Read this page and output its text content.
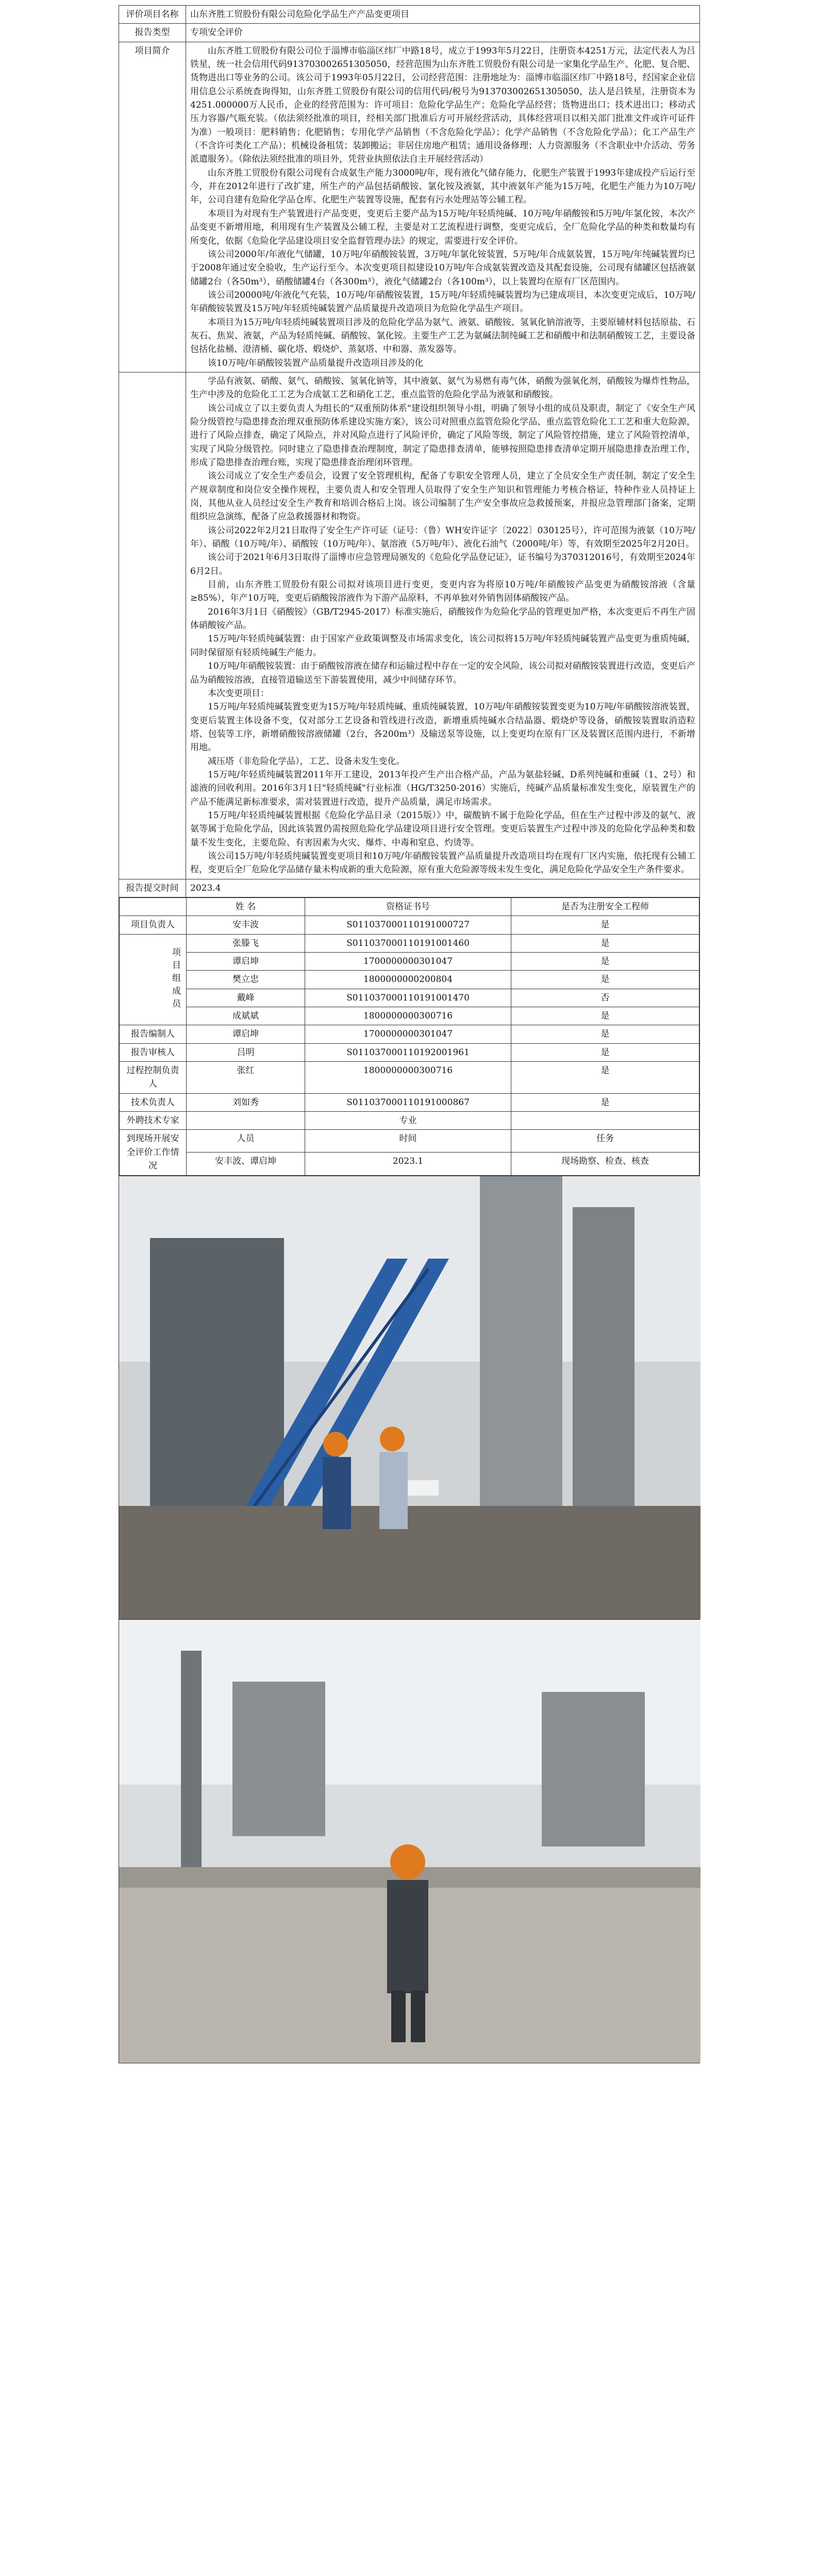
评价项目名称	山东齐胜工贸股份有限公司危险化学品生产产品变更项目
报告类型	专项安全评价
项目简介	山东齐胜工贸股份有限公司位于淄博市临淄区纬厂中路18号，成立于1993年5月22日，注册资本4251万元，法定代表人为吕铁星，统一社会信用代码913703002651305050，经营范围为山东齐胜工贸股份有限公司是一家集化学品生产、化肥、复合肥、货物进出口等业务的公司。该公司于1993年05月22日，公司经营范围：注册地址为：淄博市临淄区纬厂中路18号，经国家企业信用信息公示系统查询得知，山东齐胜工贸股份有限公司的信用代码/税号为913703002651305050，法人是吕铁星，注册资本为4251.000000万人民币，企业的经营范围为：许可项目：危险化学品生产；危险化学品经营；货物进出口；技术进出口；移动式压力容器/气瓶充装。（依法须经批准的项目，经相关部门批准后方可开展经营活动，具体经营项目以相关部门批准文件或许可证件为准）一般项目：肥料销售；化肥销售；专用化学产品销售（不含危险化学品）；化学产品销售（不含危险化学品）；化工产品生产（不含许可类化工产品）；机械设备租赁；装卸搬运；非居住房地产租赁；通用设备修理；人力资源服务（不含职业中介活动、劳务派遣服务）。（除依法须经批准的项目外，凭营业执照依法自主开展经营活动）

山东齐胜工贸股份有限公司现有合成氨生产能力3000吨/年，现有液化气储存能力，化肥生产装置于1993年建成投产后运行至今，并在2012年进行了改扩建，所生产的产品包括硝酸铵、氯化铵及液氨，其中液氨年产能为15万吨，化肥生产能力为10万吨/年，公司自建有危险化学品仓库、化肥生产装置等设施，配套有污水处理站等公辅工程。

本项目为对现有生产装置进行产品变更，变更后主要产品为15万吨/年轻质纯碱、10万吨/年硝酸铵和5万吨/年氯化铵，本次产品变更不新增用地，利用现有生产装置及公辅工程，主要是对工艺流程进行调整，变更完成后，全厂危险化学品的种类和数量均有所变化，依据《危险化学品建设项目安全监督管理办法》的规定，需要进行安全评价。

该公司2000年/年液化气储罐，10万吨/年硝酸铵装置，3万吨/年氯化铵装置，5万吨/年合成氨装置，15万吨/年纯碱装置均已于2008年通过安全验收，生产运行至今。本次变更项目拟建设10万吨/年合成氨装置改造及其配套设施，公司现有储罐区包括液氨储罐2台（各50m³），硝酸储罐4台（各300m³），液化气储罐2台（各100m³），以上装置均在原有厂区范围内。

该公司20000吨/年液化气充装，10万吨/年硝酸铵装置，15万吨/年轻质纯碱装置均为已建成项目，本次变更完成后，10万吨/年硝酸铵装置及15万吨/年轻质纯碱装置产品质量提升改造项目为危险化学品生产项目。

本项目为15万吨/年轻质纯碱装置项目涉及的危险化学品为氨气、液氨、硝酸铵、氢氧化钠溶液等，主要原辅材料包括原盐、石灰石、焦炭、液氨，产品为轻质纯碱、硝酸铵、氯化铵。主要生产工艺为氨碱法制纯碱工艺和硝酸中和法制硝酸铵工艺，主要设备包括化盐桶、澄清桶、碳化塔、煅烧炉、蒸氨塔、中和器、蒸发器等。

该10万吨/年硝酸铵装置产品质量提升改造项目涉及的化

学品有液氨、硝酸、氨气、硝酸铵、氢氧化钠等，其中液氨、氨气为易燃有毒气体，硝酸为强氧化剂，硝酸铵为爆炸性物品，生产中涉及的危险化工工艺为合成氨工艺和硝化工艺，重点监管的危险化学品为液氨和硝酸铵。

该公司成立了以主要负责人为组长的"双重预防体系"建设组织领导小组，明确了领导小组的成员及职责，制定了《安全生产风险分级管控与隐患排查治理双重预防体系建设实施方案》，该公司对照重点监管危险化学品、重点监管危险化工工艺和重大危险源，进行了风险点排查，确定了风险点，并对风险点进行了风险评价，确定了风险等级，制定了风险管控措施，建立了风险管控清单，实现了风险分级管控。同时建立了隐患排查治理制度，制定了隐患排查清单，能够按照隐患排查清单定期开展隐患排查治理工作，形成了隐患排查治理台账，实现了隐患排查治理闭环管理。

该公司成立了安全生产委员会，设置了安全管理机构，配备了专职安全管理人员，建立了全员安全生产责任制，制定了安全生产规章制度和岗位安全操作规程，主要负责人和安全管理人员取得了安全生产知识和管理能力考核合格证，特种作业人员持证上岗，其他从业人员经过安全生产教育和培训合格后上岗。该公司编制了生产安全事故应急救援预案，并报应急管理部门备案，定期组织应急演练，配备了应急救援器材和物资。

该公司2022年2月21日取得了安全生产许可证（证号：（鲁）WH安许证字〔2022〕030125号），许可范围为液氨（10万吨/年）、硝酸（10万吨/年）、硝酸铵（10万吨/年）、氨溶液（5万吨/年）、液化石油气（2000吨/年）等，有效期至2025年2月20日。

该公司于2021年6月3日取得了淄博市应急管理局颁发的《危险化学品登记证》，证书编号为370312016号，有效期至2024年6月2日。

目前，山东齐胜工贸股份有限公司拟对该项目进行变更，变更内容为将原10万吨/年硝酸铵产品变更为硝酸铵溶液（含量≥85%），年产10万吨，变更后硝酸铵溶液作为下游产品原料，不再单独对外销售固体硝酸铵产品。

2016年3月1日《硝酸铵》（GB/T2945-2017）标准实施后，硝酸铵作为危险化学品的管理更加严格，本次变更后不再生产固体硝酸铵产品。

15万吨/年轻质纯碱装置：由于国家产业政策调整及市场需求变化，该公司拟将15万吨/年轻质纯碱装置产品变更为重质纯碱，同时保留原有轻质纯碱生产能力。

10万吨/年硝酸铵装置：由于硝酸铵溶液在储存和运输过程中存在一定的安全风险，该公司拟对硝酸铵装置进行改造，变更后产品为硝酸铵溶液，直接管道输送至下游装置使用，减少中间储存环节。

本次变更项目：

15万吨/年轻质纯碱装置变更为15万吨/年轻质纯碱、重质纯碱装置，10万吨/年硝酸铵装置变更为10万吨/年硝酸铵溶液装置，变更后装置主体设备不变，仅对部分工艺设备和管线进行改造，新增重质纯碱水合结晶器、煅烧炉等设备，硝酸铵装置取消造粒塔、包装等工序，新增硝酸铵溶液储罐（2台，各200m³）及输送泵等设施，以上变更均在原有厂区及装置区范围内进行，不新增用地。

减压塔（非危险化学品），工艺、设备未发生变化。

15万吨/年轻质纯碱装置2011年开工建设，2013年投产生产出合格产品，产品为氨盐轻碱、D系列纯碱和重碱（1、2号）和滤液的回收利用。2016年3月1日"轻质纯碱"行业标准（HG/T3250-2016）实施后，纯碱产品质量标准发生变化，原装置生产的产品不能满足新标准要求，需对装置进行改造，提升产品质量，满足市场需求。

15万吨/年轻质纯碱装置根据《危险化学品目录（2015版）》中，碳酸钠不属于危险化学品，但在生产过程中涉及的氨气、液氨等属于危险化学品，因此该装置仍需按照危险化学品建设项目进行安全管理。变更后装置生产过程中涉及的危险化学品种类和数量不发生变化，主要危险、有害因素为火灾、爆炸、中毒和窒息、灼烫等。

该公司15万吨/年轻质纯碱装置变更项目和10万吨/年硝酸铵装置产品质量提升改造项目均在现有厂区内实施，依托现有公辅工程，变更后全厂危险化学品储存量未构成新的重大危险源，原有重大危险源等级未发生变化，满足危险化学品安全生产条件要求。

报告提交时间	2023.4

	姓 名	资格证书号	是否为注册安全工程师
项目负责人	安丰波	S011037000110191000727	是
项目组成员	张滕飞	S011037000110191001460	是
谭启坤	1700000000301047	是
樊立忠	1800000000200804	是
戴峰	S011037000110191001470	否
成斌斌	1800000000300716	是
报告编制人	谭启坤	1700000000301047	是
报告审核人	吕明	S011037000110192001961	是
过程控制负责人	张红	1800000000300716	是
技术负责人	刘如秀	S011037000110191000867	是
外聘技术专家		专业	
到现场开展安全评价工作情况	人员	时间	任务
安丰波、谭启坤	2023.1	现场勘察、检查、核查
